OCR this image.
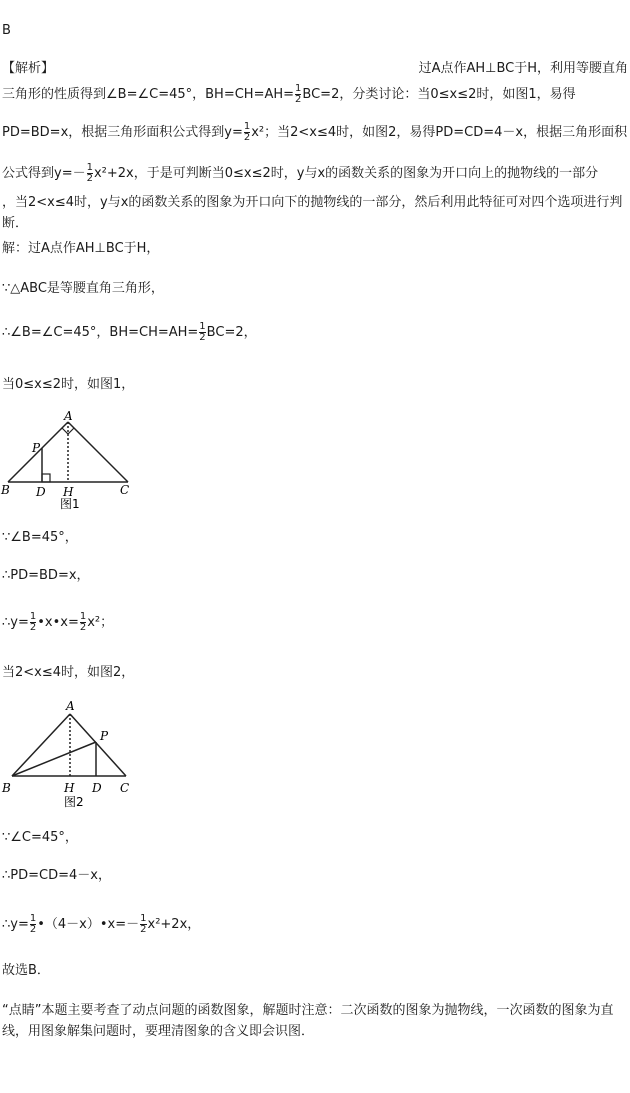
B
【解析】	过A点作AH⊥BC于H，利用等腰直角
三角形的性质得到∠B=∠C=45°，$BH=CH=AH= \frac{1}{2} BC=2$，分类讨论：当0≤x≤2时，如图1，易得
PD=BD=x，根据三角形面积公式得到$y= \frac{1}{2} x^2$；当2<x≤4时，如图2，易得PD=CD=4－x，根据三角形面积
公式得到$y=- \frac{1}{2} x^2+2x$，于是可判断当0≤x≤2时，y与x的函数关系的图象为开口向上的抛物线的一部分
，当2<x≤4时，y与x的函数关系的图象为开口向下的抛物线的一部分，然后利用此特征可对四个选项进行判断．
解：过A点作AH⊥BC于H，
∵△ABC是等腰直角三角形，
∴∠B=∠C=45°，$BH=CH=AH= \frac{1}{2} BC=2$，
当0≤x≤2时，如图1，
A
P
B D H	C
图1
∵∠B=45°，
∴PD=BD=x，
∴y= $\frac{1}{2}$ •x•x= $\frac{1}{2} x^2$；
当2<x≤4时，如图2，
A
P
B	H D C
图2
∵∠C=45°，
∴PD=CD=4－x，
∴y= $\frac{1}{2}$ •（4－x）•x=－ $\frac{1}{2} x^2+2x$，
故选B．
“点睛”本题主要考查了动点问题的函数图象，解题时注意：二次函数的图象为抛物线，一次函数的图象为直线，用图象解集问题时，要理清图象的含义即会识图．
